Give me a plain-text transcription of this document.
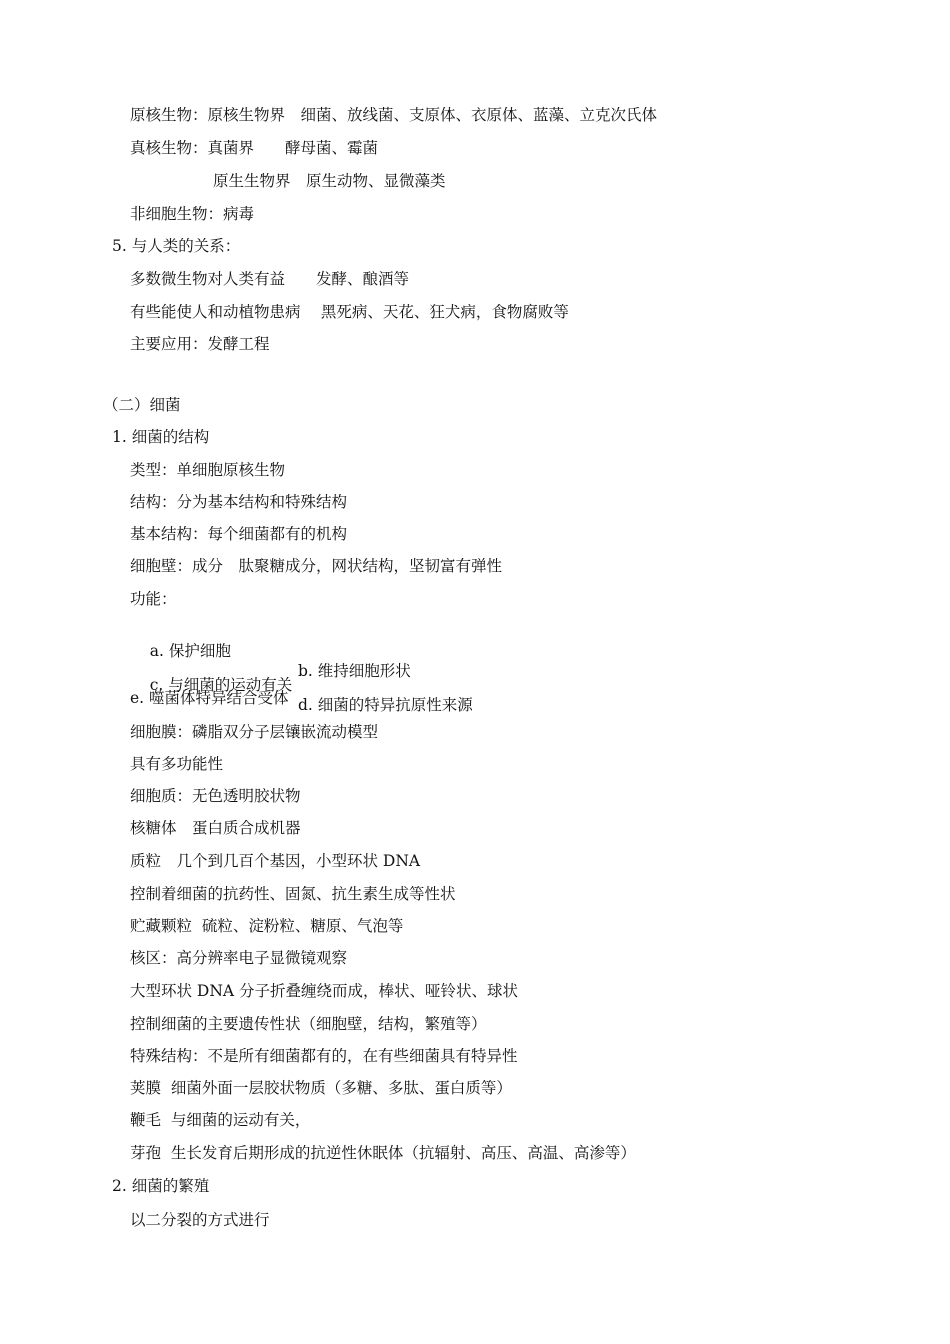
原核生物：原核生物界　细菌、放线菌、支原体、衣原体、蓝藻、立克次氏体
真核生物：真菌界　　酵母菌、霉菌
原生生物界　原生动物、显微藻类
非细胞生物：病毒
5. 与人类的关系：
多数微生物对人类有益　　发酵、酿酒等
有些能使人和动植物患病　 黑死病、天花、狂犬病，食物腐败等
主要应用：发酵工程
（二）细菌
1. 细菌的结构
类型：单细胞原核生物
结构：分为基本结构和特殊结构
基本结构：每个细菌都有的机构
细胞壁：成分　肽聚糖成分，网状结构，坚韧富有弹性
功能：

a. 保护细胞

b. 维持细胞形状

c. 与细菌的运动有关

d. 细菌的特异抗原性来源

e. 噬菌体特异结合受体
细胞膜：磷脂双分子层镶嵌流动模型
具有多功能性
细胞质：无色透明胶状物
核糖体　蛋白质合成机器
质粒　几个到几百个基因，小型环状 DNA
控制着细菌的抗药性、固氮、抗生素生成等性状
贮藏颗粒  硫粒、淀粉粒、糖原、气泡等
核区：高分辨率电子显微镜观察
大型环状 DNA 分子折叠缠绕而成，棒状、哑铃状、球状
控制细菌的主要遗传性状（细胞壁，结构，繁殖等）
特殊结构：不是所有细菌都有的，在有些细菌具有特异性
荚膜  细菌外面一层胶状物质（多糖、多肽、蛋白质等）
鞭毛  与细菌的运动有关，
芽孢  生长发育后期形成的抗逆性休眠体（抗辐射、高压、高温、高渗等）
2. 细菌的繁殖
以二分裂的方式进行
